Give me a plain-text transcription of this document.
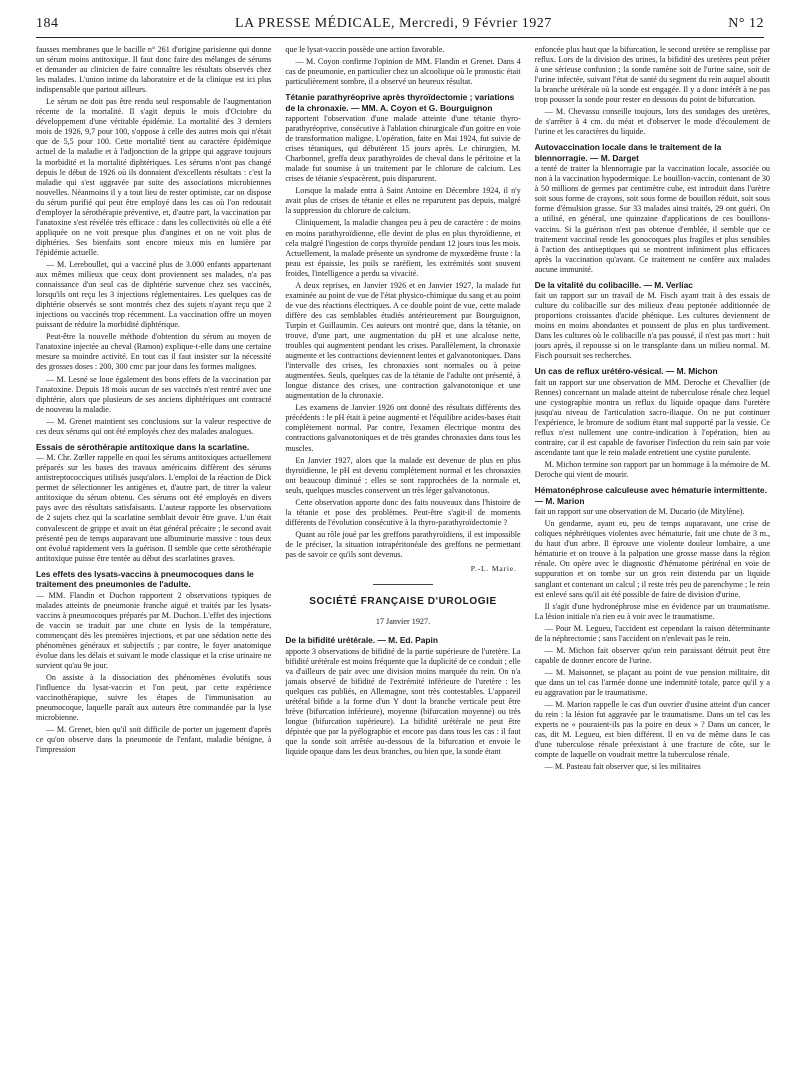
184	LA PRESSE MÉDICALE, Mercredi, 9 Février 1927	N° 12

fausses membranes que le bacille n° 261 d'origine parisienne qui donne un sérum moins antitoxique. Il faut donc faire des mélanges de sérums et demander au clinicien de faire connaître les résultats observés chez les malades. L'union intime du laboratoire et de la clinique est ici plus indispensable que partout ailleurs.

Le sérum ne doit pas être rendu seul responsable de l'augmentation récente de la mortalité. Il s'agit depuis le mois d'Octobre du développement d'une véritable épidémie. La mortalité des 3 derniers mois de 1926, 9,7 pour 100, s'oppose à celle des autres mois qui n'était que de 5,5 pour 100. Cette mortalité tient au caractère épidémique actuel de la maladie et à l'adjonction de la grippe qui aggrave toujours la morbidité et la mortalité diphtériques. Les sérums n'ont pas changé depuis le début de 1926 où ils donnaient d'excellents résultats : c'est la maladie qui s'est aggravée par suite des associations microbiennes nouvelles. Néanmoins il y a tout lieu de rester optimiste, car on dispose du sérum purifié qui peut être employé dans les cas où l'on redoutait d'employer la sérothérapie préventive, et, d'autre part, la vaccination par l'anatoxine s'est révélée très efficace : dans les collectivités où elle a été appliquée on ne voit presque plus d'angines et on ne voit plus de diphtéries. Ses bienfaits sont encore mieux mis en lumière par l'épidémie actuelle.

— M. Lereboullet, qui a vacciné plus de 3.000 enfants appartenant aux mêmes milieux que ceux dont proviennent ses malades, n'a pas connaissance d'un seul cas de diphtérie survenue chez ses vaccinés, lorsqu'ils ont reçu les 3 injections réglementaires. Les quelques cas de diphtérie observés se sont montrés chez des sujets n'ayant reçu que 2 injections ou vaccinés trop récemment. La vaccination offre un moyen puissant de réduire la morbidité diphtérique.

Peut-être la nouvelle méthode d'obtention du sérum au moyen de l'anatoxine injectée au cheval (Ramon) explique-t-elle dans une certaine mesure sa moindre activité. En tout cas il faut insister sur la nécessité des grosses doses : 200, 300 cmc par jour dans les formes malignes.

— M. Lesné se loue également des bons effets de la vaccination par l'anatoxine. Depuis 18 mois aucun de ses vaccinés n'est rentré avec une diphtérie, alors que plusieurs de ses anciens diphtériques ont contracté de nouveau la maladie.

— M. Grenet maintient ses conclusions sur la valeur respective de ces deux sérums qui ont été employés chez des malades analogues.

Essais de sérothérapie antitoxique dans la scarlatine.

— M. Chr. Zœller rappelle en quoi les sérums antitoxiques actuellement préparés sur les bases des travaux américains diffèrent des sérums antistreptococciques utilisés jusqu'alors. L'emploi de la réaction de Dick permet de sélectionner les antigènes et, d'autre part, de titrer la valeur antitoxique du sérum obtenu. Ces sérums ont été employés en divers pays avec des résultats satisfaisants. L'auteur rapporte les observations de 2 sujets chez qui la scarlatine semblait devoir être grave. L'un était convalescent de grippe et avait un état général précaire ; le second avait présenté peu de temps auparavant une albuminurie massive : tous deux ont évolué rapidement vers la guérison. Il semble que cette sérothérapie antitoxique puisse être tentée au début des scarlatines graves.

Les effets des lysats-vaccins à pneumocoques dans le traitement des pneumonies de l'adulte.

— MM. Flandin et Duchon rapportent 2 observations typiques de malades atteints de pneumonie franche aiguë et traités par les lysats-vaccins à pneumocoques préparés par M. Duchon. L'effet des injections de vaccin se traduit par une chute en lysis de la température, commençant dès les premières injections, et par une sédation nette des phénomènes généraux et subjectifs ; par contre, le foyer anatomique évolue dans les délais et suivant le mode classique et la crise urinaire ne survient qu'au 9e jour.

On assiste à la dissociation des phénomènes évolutifs sous l'influence du lysat-vaccin et l'on peut, par cette expérience vaccinothérapique, suivre les étapes de l'immunisation au pneumocoque, laquelle paraît aux auteurs être commandée par la lyse microbienne.

— M. Grenet, bien qu'il soit difficile de porter un jugement d'après ce qu'on observe dans la pneumonie de l'enfant, maladie bénigne, à l'impression

que le lysat-vaccin possède une action favorable.

— M. Coyon confirme l'opinion de MM. Flandin et Grenet. Dans 4 cas de pneumonie, en particulier chez un alcoolique où le pronostic était particulièrement sombre, il a observé un heureux résultat.

Tétanie parathyréoprive après thyroïdectomie ; variations de la chronaxie. — MM. A. Coyon et G. Bourguignon

rapportent l'observation d'une malade atteinte d'une tétanie thyro-parathyréoprive, consécutive à l'ablation chirurgicale d'un goitre en voie de transformation maligne. L'opération, faite en Mai 1924, fut suivie de crises tétaniques, qui débutèrent 15 jours après. Le chirurgien, M. Charbonnel, greffa deux parathyroïdes de cheval dans le péritoine et la malade fut soumise à un traitement par le chlorure de calcium. Les crises de tétanie s'espacèrent, puis disparurent.

Lorsque la malade entra à Saint Antoine en Décembre 1924, il n'y avait plus de crises de tétanie et elles ne reparurent pas depuis, malgré la suppression du chlorure de calcium.

Cliniquement, la maladie changea peu à peu de caractère : de moins en moins parathyroïdienne, elle devint de plus en plus thyroïdienne, et cela malgré l'ingestion de corps thyroïde pendant 12 jours tous les mois. Actuellement, la malade présente un syndrome de myxœdème fruste : la peau est épaissie, les poils se raréfient, les extrémités sont souvent froides, l'intelligence a perdu sa vivacité.

A deux reprises, en Janvier 1926 et en Janvier 1927, la malade fut examinée au point de vue de l'état physico-chimique du sang et au point de vue des réactions électriques. A ce double point de vue, cette malade diffère des cas semblables étudiés antérieurement par Bourguignon, Turpin et Guillaumin. Ces auteurs ont montré que, dans la tétanie, on trouve, d'une part, une augmentation du pH et une alcalose nette, troubles qui augmentent pendant les crises. Parallèlement, la chronaxie augmente et les contractions deviennent lentes et galvanotoniques. Dans l'intervalle des crises, les chronaxies sont normales ou à peine augmentées. Seuls, quelques cas de la tétanie de l'adulte ont présenté, à longue distance des crises, une contraction galvanotonique et une augmentation de la chronaxie.

Les examens de Janvier 1926 ont donné des résultats différents des précédents : le pH était à peine augmenté et l'équilibre acides-bases était complètement normal. Par contre, l'examen électrique montra des contractions galvanotoniques et de très grandes chronaxies dans tous les muscles.

En Janvier 1927, alors que la malade est devenue de plus en plus thyroïdienne, le pH est devenu complètement normal et les chronaxies ont beaucoup diminué ; elles se sont rapprochées de la normale et, seuls, quelques muscles conservent un très léger galvanotonus.

Cette observation apporte donc des faits nouveaux dans l'histoire de la tétanie et pose des problèmes. Peut-être s'agit-il de moments différents de l'évolution consécutive à la thyro-parathyroïdectomie ?

Quant au rôle joué par les greffons parathyroïdiens, il est impossible de le préciser, la situation intrapéritonéale des greffons ne permettant pas de savoir ce qu'ils sont devenus.

P.-L. Marie.
SOCIÉTÉ FRANÇAISE D'UROLOGIE
17 Janvier 1927.
De la bifidité urétérale. — M. Ed. Papin

apporte 3 observations de bifidité de la partie supérieure de l'uretère. La bifidité urétérale est moins fréquente que la duplicité de ce conduit ; elle va d'ailleurs de pair avec une division moins marquée du rein. On n'a jamais observé de bifidité de l'extrémité inférieure de l'uretère : les quelques cas publiés, en Allemagne, sont très contestables. L'appareil urétéral bifide a la forme d'un Y dont la branche verticale peut être brève (bifurcation inférieure), moyenne (bifurcation moyenne) ou très longue (bifurcation supérieure). La bifidité urétérale ne peut être dépistée que par la pyélographie et encore pas dans tous les cas : il faut que la sonde soit arrêtée au-dessous de la bifurcation et envoie le liquide opaque dans les deux branches, ou bien que, la sonde étant

enfoncée plus haut que la bifurcation, le second uretère se remplisse par reflux. Lors de la division des urines, la bifidité des uretères peut prêter à une sérieuse confusion ; la sonde ramène soit de l'urine saine, soit de l'urine infectée, suivant l'état de santé du segment du rein auquel aboutit la branche urétérale où la sonde est engagée. Il y a donc intérêt à ne pas trop pousser la sonde pour rester en dessous du point de bifurcation.

— M. Chevassu conseille toujours, lors des sondages des uretères, de s'arrêter à 4 cm. du méat et d'observer le mode d'écoulement de l'urine et les caractères du liquide.

Autovaccination locale dans le traitement de la blennorragie. — M. Darget

a tenté de traiter la blennorragie par la vaccination locale, associée ou non à la vaccination hypodermique. Le bouillon-vaccin, contenant de 30 à 50 millions de germes par centimètre cube, est introduit dans l'urètre soit sous forme de crayons, soit sous forme de bouillon réduit, soit sous forme d'émulsion grasse. Sur 33 malades ainsi traités, 29 ont guéri. On a utilisé, en général, une quinzaine d'applications de ces bouillons-vaccins. Si la guérison n'est pas obtenue d'emblée, il semble que ce traitement vaccinal rende les gonocoques plus fragiles et plus sensibles à l'action des antiseptiques qui se montrent infiniment plus efficaces après la vaccination qu'avant. Ce traitement ne confère aux malades aucune immunité.

De la vitalité du colibacille. — M. Verliac

fait un rapport sur un travail de M. Fisch ayant trait à des essais de culture du colibacille sur des milieux d'eau peptonée additionnée de proportions croissantes d'acide phénique. Les cultures deviennent de moins en moins abondantes et poussent de plus en plus tardivement. Dans les cultures où le colibacille n'a pas poussé, il n'est pas mort : huit jours après, il repousse si on le transplante dans un milieu normal. M. Fisch poursuit ses recherches.

Un cas de reflux urétéro-vésical. — M. Michon

fait un rapport sur une observation de MM. Deroche et Chevallier (de Rennes) concernant un malade atteint de tuberculose rénale chez lequel une cystographie montra un reflux du liquide opaque dans l'uretère jusqu'au niveau de l'articulation sacro-iliaque. On ne put continuer l'expérience, le bromure de sodium étant mal supporté par la vessie. Ce reflux n'est nullement une contre-indication à l'opération, bien au contraire, car il est capable de favoriser l'infection du rein sain par voie ascendante tant que le rein malade entretient une cystite purulente.

M. Michon termine son rapport par un hommage à la mémoire de M. Deroche qui vient de mourir.

Hématonéphrose calculeuse avec hématurie intermittente. — M. Marion

fait un rapport sur une observation de M. Ducario (de Mitylène).

Un gendarme, ayant eu, peu de temps auparavant, une crise de coliques néphrétiques violentes avec hématurie, fait une chute de 3 m., du haut d'un arbre. Il éprouve une violente douleur lombaire, a une hématurie et on trouve à la palpation une grosse masse dans la région rénale. On opère avec le diagnostic d'hématome périrénal en voie de suppuration et on tombe sur un gros rein distendu par un liquide sanglant et contenant un calcul ; il reste très peu de parenchyme ; le rein est enlevé sans qu'il ait été possible de faire de division d'urine.

Il s'agit d'une hydronéphrose mise en évidence par un traumatisme. La lésion initiale n'a rien eu à voir avec le traumatisme.

— Pour M. Legueu, l'accident est cependant la raison déterminante de la néphrectomie ; sans l'accident on n'enlevait pas le rein.

— M. Michon fait observer qu'un rein paraissant détruit peut être capable de donner encore de l'urine.

— M. Maisonnet, se plaçant au point de vue pension militaire, dit que dans un tel cas l'armée donne une indemnité totale, parce qu'il y a eu aggravation par le traumatisme.

— M. Marion rappelle le cas d'un ouvrier d'usine atteint d'un cancer du rein : la lésion fut aggravée par le traumatisme. Dans un tel cas les experts ne « pouraient-ils pas la poire en deux » ? Dans un cancer, le cas, dit M. Legueu, est bien différent. Il en va de même dans le cas d'une tuberculose rénale préexistant à une fracture de côte, sur le compte de laquelle on voudrait mettre la tuberculose rénale.

— M. Pasteau fait observer que, si les militaires
